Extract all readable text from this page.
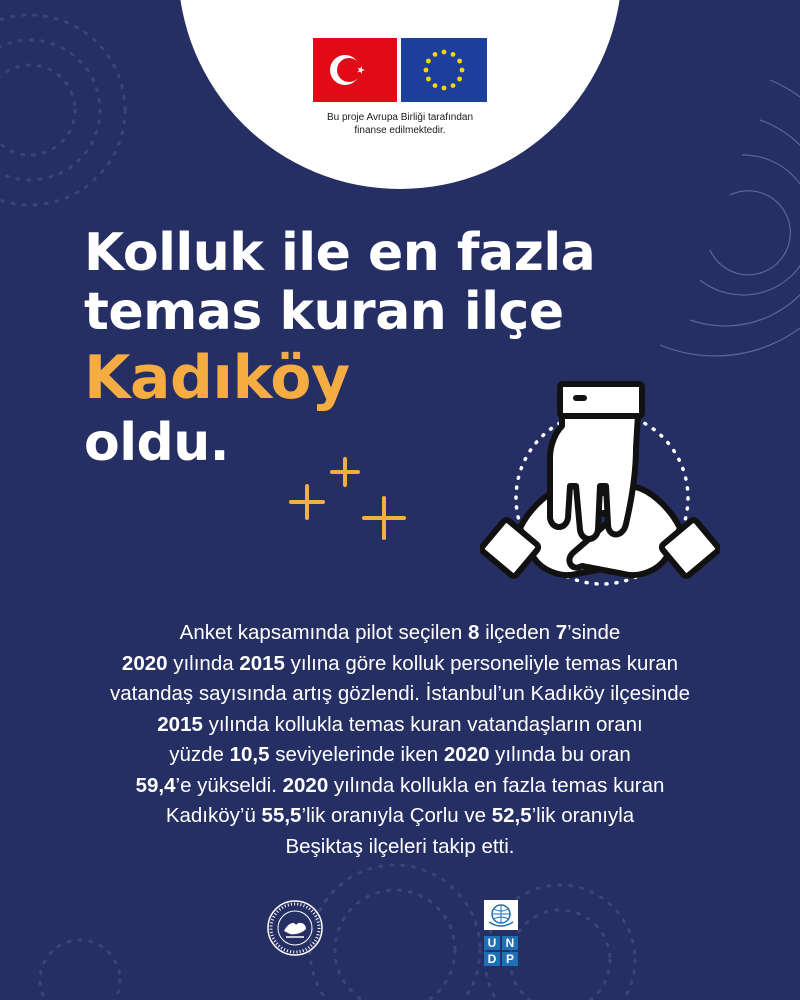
Bu proje Avrupa Birliği tarafından
finanse edilmektedir.
Kolluk ile en fazla
temas kuran ilçe
Kadıköy
oldu.
Anket kapsamında pilot seçilen 8 ilçeden 7’sinde
2020 yılında 2015 yılına göre kolluk personeliyle temas kuran
vatandaş sayısında artış gözlendi. İstanbul’un Kadıköy ilçesinde
2015 yılında kollukla temas kuran vatandaşların oranı
yüzde 10,5 seviyelerinde iken 2020 yılında bu oran
59,4’e yükseldi. 2020 yılında kollukla en fazla temas kuran
Kadıköy’ü 55,5’lik oranıyla Çorlu ve 52,5’lik oranıyla
Beşiktaş ilçeleri takip etti.
U N
D P
